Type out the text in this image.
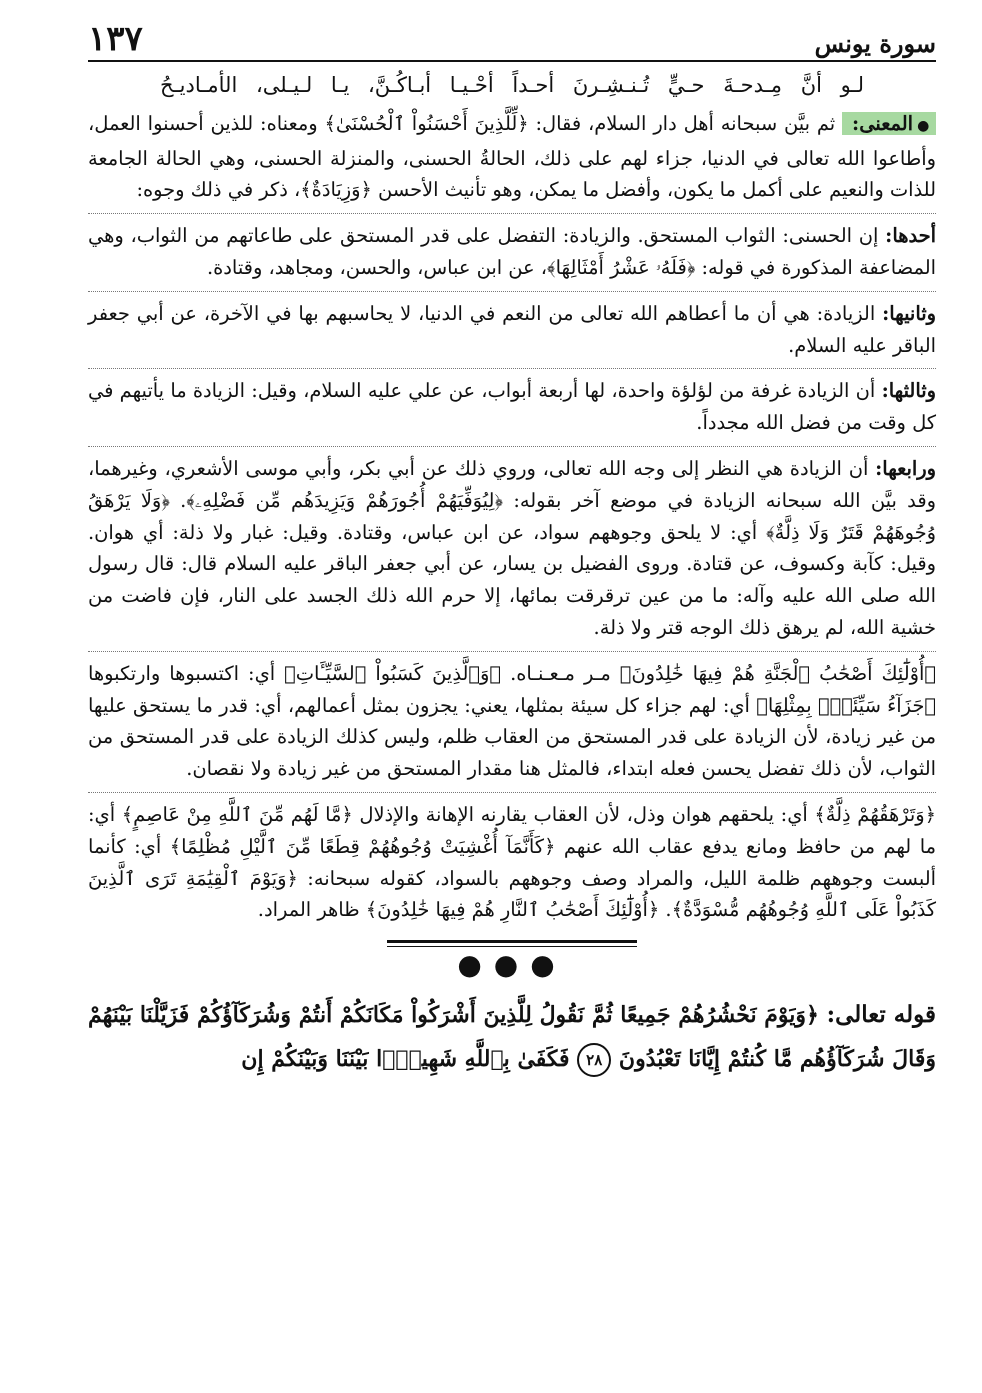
سورة يونس
١٣٧
لـو أنَّ مِـدحـةَ حـيٍّ تُـنـشِـرنَ أحـداً أحْـيـا أبـاكُـنَّ، يـا لـيـلى، الأمـاديـحُ

●المعنى: ثم بيَّن سبحانه أهل دار السلام، فقال: ﴿لِّلَّذِينَ أَحْسَنُواْ ٱلْحُسْنَىٰ﴾ ومعناه: للذين أحسنوا العمل، وأطاعوا الله تعالى في الدنيا، جزاء لهم على ذلك، الحالةُ الحسنى، والمنزلة الحسنى، وهي الحالة الجامعة للذات والنعيم على أكمل ما يكون، وأفضل ما يمكن، وهو تأنيث الأحسن ﴿وَزِيَادَةٌ﴾، ذكر في ذلك وجوه:

أحدها: إن الحسنى: الثواب المستحق. والزيادة: التفضل على قدر المستحق على طاعاتهم من الثواب، وهي المضاعفة المذكورة في قوله: ﴿فَلَهُۥ عَشْرُ أَمْثَالِهَا﴾، عن ابن عباس، والحسن، ومجاهد، وقتادة.

وثانيها: الزيادة: هي أن ما أعطاهم الله تعالى من النعم في الدنيا، لا يحاسبهم بها في الآخرة، عن أبي جعفر الباقر عليه السلام.

وثالثها: أن الزيادة غرفة من لؤلؤة واحدة، لها أربعة أبواب، عن علي عليه السلام، وقيل: الزيادة ما يأتيهم في كل وقت من فضل الله مجدداً.

ورابعها: أن الزيادة هي النظر إلى وجه الله تعالى، وروي ذلك عن أبي بكر، وأبي موسى الأشعري، وغيرهما، وقد بيَّن الله سبحانه الزيادة في موضع آخر بقوله: ﴿لِيُوَفِّيَهُمْ أُجُورَهُمْ وَيَزِيدَهُم مِّن فَضْلِهِۦ﴾. ﴿وَلَا يَرْهَقُ وُجُوهَهُمْ قَتَرٌ وَلَا ذِلَّةٌ﴾ أي: لا يلحق وجوههم سواد، عن ابن عباس، وقتادة. وقيل: غبار ولا ذلة: أي هوان. وقيل: كآبة وكسوف، عن قتادة. وروى الفضيل بن يسار، عن أبي جعفر الباقر عليه السلام قال: قال رسول الله صلى الله عليه وآله: ما من عين ترقرقت بمائها، إلا حرم الله ذلك الجسد على النار، فإن فاضت من خشية الله، لم يرهق ذلك الوجه قتر ولا ذلة.

﴿أُوْلَٰٓئِكَ أَصْحَٰبُ ٱلْجَنَّةِ هُمْ فِيهَا خَٰلِدُونَ﴾ مـر مـعـنـاه. ﴿وَٱلَّذِينَ كَسَبُواْ ٱلسَّيِّـَٔاتِ﴾ أي: اكتسبوها وارتكبوها ﴿جَزَآءُ سَيِّئَةٍۭ بِمِثْلِهَا﴾ أي: لهم جزاء كل سيئة بمثلها، يعني: يجزون بمثل أعمالهم، أي: قدر ما يستحق عليها من غير زيادة، لأن الزيادة على قدر المستحق من العقاب ظلم، وليس كذلك الزيادة على قدر المستحق من الثواب، لأن ذلك تفضل يحسن فعله ابتداء، فالمثل هنا مقدار المستحق من غير زيادة ولا نقصان.

﴿وَتَرْهَقُهُمْ ذِلَّةٌ﴾ أي: يلحقهم هوان وذل، لأن العقاب يقارنه الإهانة والإذلال ﴿مَّا لَهُم مِّنَ ٱللَّهِ مِنْ عَاصِمٍ﴾ أي: ما لهم من حافظ ومانع يدفع عقاب الله عنهم ﴿كَأَنَّمَآ أُغْشِيَتْ وُجُوهُهُمْ قِطَعًا مِّنَ ٱلَّيْلِ مُظْلِمًا﴾ أي: كأنما ألبست وجوههم ظلمة الليل، والمراد وصف وجوههم بالسواد، كقوله سبحانه: ﴿وَيَوْمَ ٱلْقِيَٰمَةِ تَرَى ٱلَّذِينَ كَذَبُواْ عَلَى ٱللَّهِ وُجُوهُهُم مُّسْوَدَّةٌ﴾. ﴿أُوْلَٰٓئِكَ أَصْحَٰبُ ٱلنَّارِ هُمْ فِيهَا خَٰلِدُونَ﴾ ظاهر المراد.

●●●
قوله تعالى: ﴿وَيَوْمَ نَحْشُرُهُمْ جَمِيعًا ثُمَّ نَقُولُ لِلَّذِينَ أَشْرَكُواْ مَكَانَكُمْ أَنتُمْ وَشُرَكَآؤُكُمْ فَزَيَّلْنَا بَيْنَهُمْ وَقَالَ شُرَكَآؤُهُم مَّا كُنتُمْ إِيَّانَا تَعْبُدُونَ ٢٨ فَكَفَىٰ بِٱللَّهِ شَهِيدًۢا بَيْنَنَا وَبَيْنَكُمْ إِن
